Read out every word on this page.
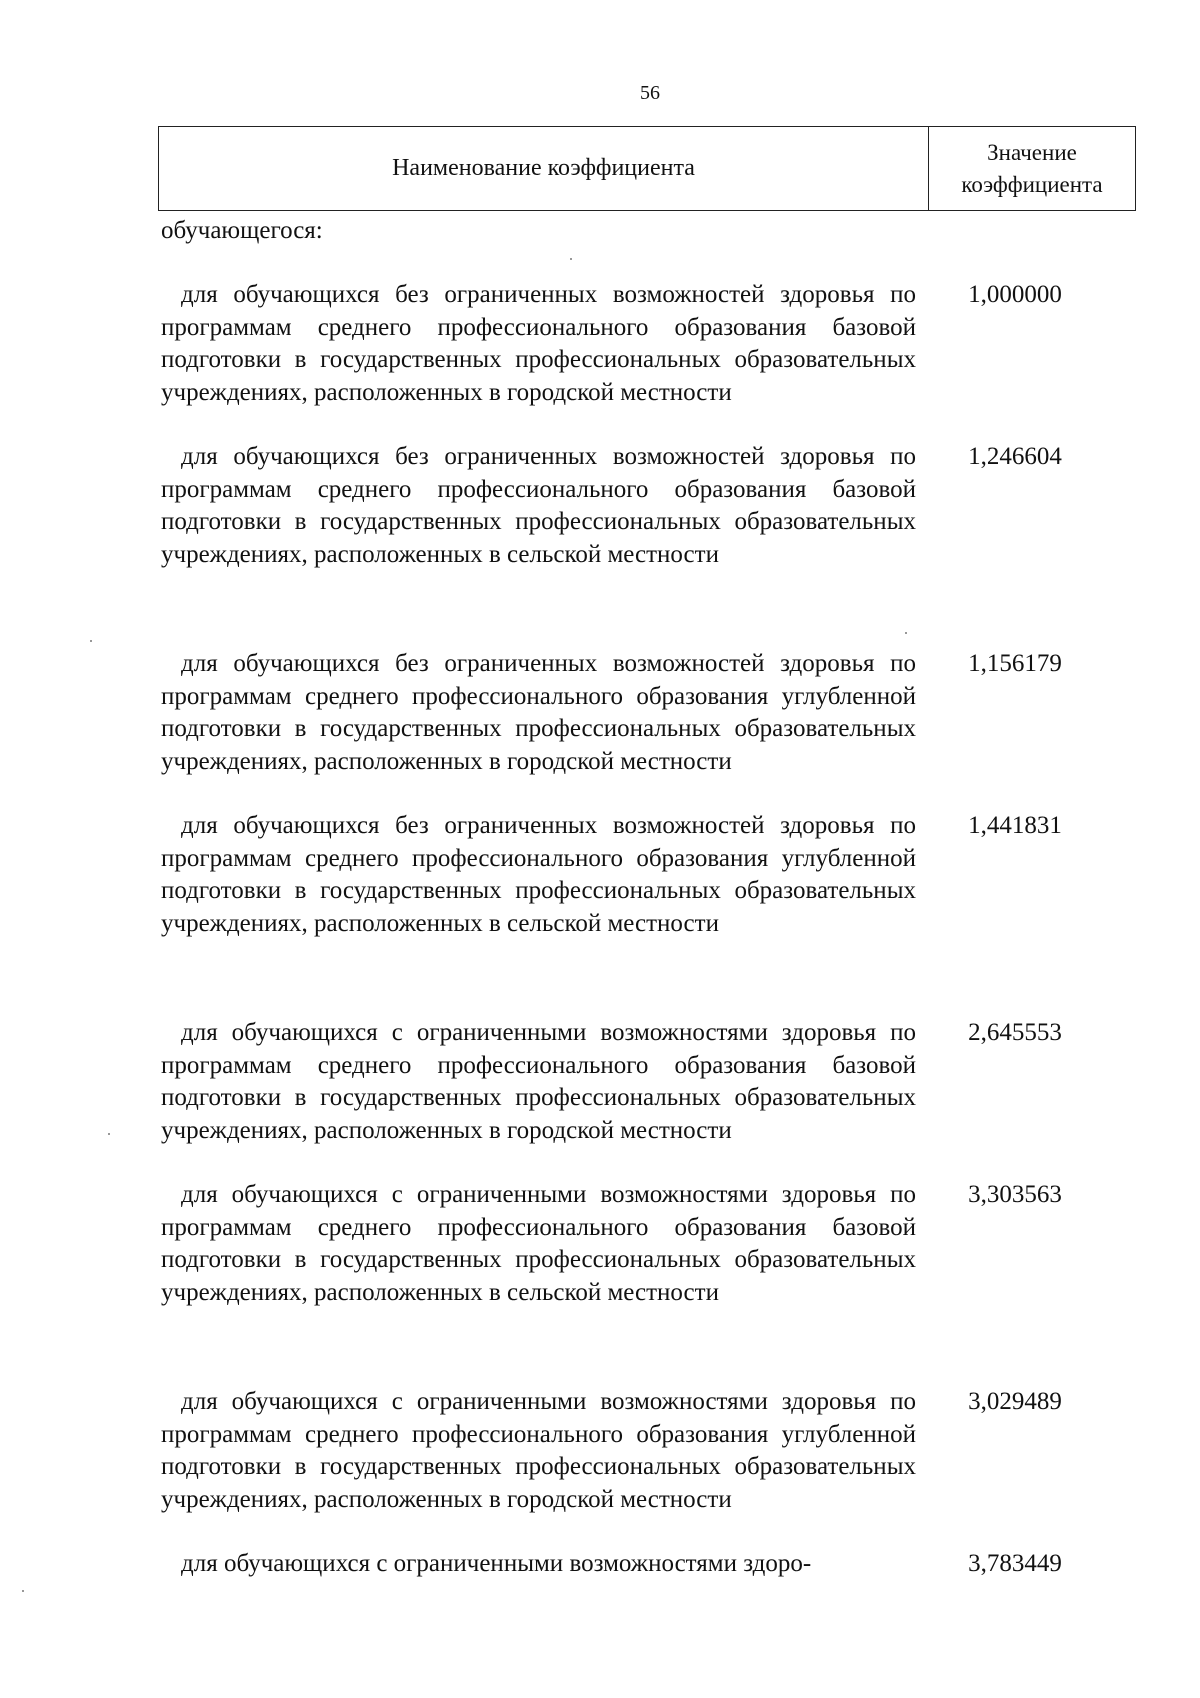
56
Наименование коэффициента
Значение
коэффициента
обучающегося:
для обучающихся без ограниченных возможностей здоровья по программам среднего профессионального образования базовой подготовки в государственных профессиональных образовательных учреждениях, расположенных в городской местности
1,000000
для обучающихся без ограниченных возможностей здоровья по программам среднего профессионального образования базовой подготовки в государственных профессиональных образовательных учреждениях, расположенных в сельской местности
1,246604
для обучающихся без ограниченных возможностей здоровья по программам среднего профессионального образования углубленной подготовки в государственных профессиональных образовательных учреждениях, расположенных в городской местности
1,156179
для обучающихся без ограниченных возможностей здоровья по программам среднего профессионального образования углубленной подготовки в государственных профессиональных образовательных учреждениях, расположенных в сельской местности
1,441831
для обучающихся с ограниченными возможностями здоровья по программам среднего профессионального образования базовой подготовки в государственных профессиональных образовательных учреждениях, расположенных в городской местности
2,645553
для обучающихся с ограниченными возможностями здоровья по программам среднего профессионального образования базовой подготовки в государственных профессиональных образовательных учреждениях, расположенных в сельской местности
3,303563
для обучающихся с ограниченными возможностями здоровья по программам среднего профессионального образования углубленной подготовки в государственных профессиональных образовательных учреждениях, расположенных в городской местности
3,029489
для обучающихся с ограниченными возможностями здоро-	3,783449
